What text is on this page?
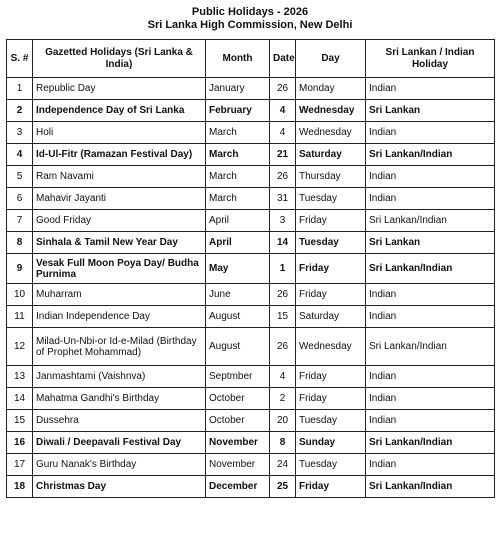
Public Holidays - 2026
Sri Lanka High Commission, New Delhi
S. #	Gazetted Holidays (Sri Lanka & India)	Month	Date	Day	Sri Lankan / Indian Holiday
1	Republic Day	January	26	Monday	Indian
2	Independence Day of Sri Lanka	February	4	Wednesday	Sri Lankan
3	Holi	March	4	Wednesday	Indian
4	Id-Ul-Fitr (Ramazan Festival Day)	March	21	Saturday	Sri Lankan/Indian
5	Ram Navami	March	26	Thursday	Indian
6	Mahavir Jayanti	March	31	Tuesday	Indian
7	Good Friday	April	3	Friday	Sri Lankan/Indian
8	Sinhala & Tamil New Year Day	April	14	Tuesday	Sri Lankan
9	Vesak Full Moon Poya Day/ Budha Purnima	May	1	Friday	Sri Lankan/Indian
10	Muharram	June	26	Friday	Indian
11	Indian Independence Day	August	15	Saturday	Indian
12	Milad-Un-Nbi-or Id-e-Milad (Birthday of Prophet Mohammad)	August	26	Wednesday	Sri Lankan/Indian
13	Janmashtami (Vaishnva)	Septmber	4	Friday	Indian
14	Mahatma Gandhi's Birthday	October	2	Friday	Indian
15	Dussehra	October	20	Tuesday	Indian
16	Diwali / Deepavali Festival Day	November	8	Sunday	Sri Lankan/Indian
17	Guru Nanak's Birthday	November	24	Tuesday	Indian
18	Christmas Day	December	25	Friday	Sri Lankan/Indian
